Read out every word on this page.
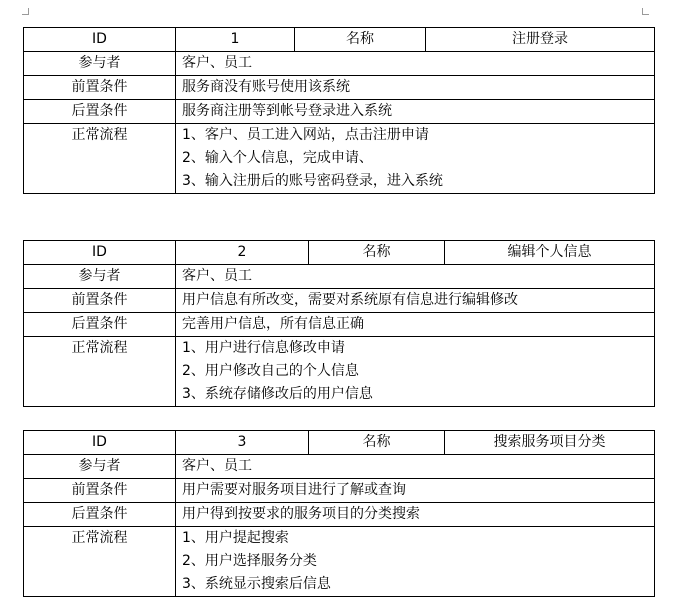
ID	1	名称	注册登录
参与者	客户、员工		
前置条件	服务商没有账号使用该系统		
后置条件	服务商注册等到帐号登录进入系统		
正常流程	1、客户、员工进入网站，点击注册申请
2、输入个人信息，完成申请、
3、输入注册后的账号密码登录，进入系统		
ID	2	名称	编辑个人信息
参与者	客户、员工		
前置条件	用户信息有所改变，需要对系统原有信息进行编辑修改		
后置条件	完善用户信息，所有信息正确		
正常流程	1、用户进行信息修改申请
2、用户修改自己的个人信息
3、系统存储修改后的用户信息		
ID	3	名称	搜索服务项目分类
参与者	客户、员工		
前置条件	用户需要对服务项目进行了解或查询		
后置条件	用户得到按要求的服务项目的分类搜索		
正常流程	1、用户提起搜索
2、用户选择服务分类
3、系统显示搜索后信息		
